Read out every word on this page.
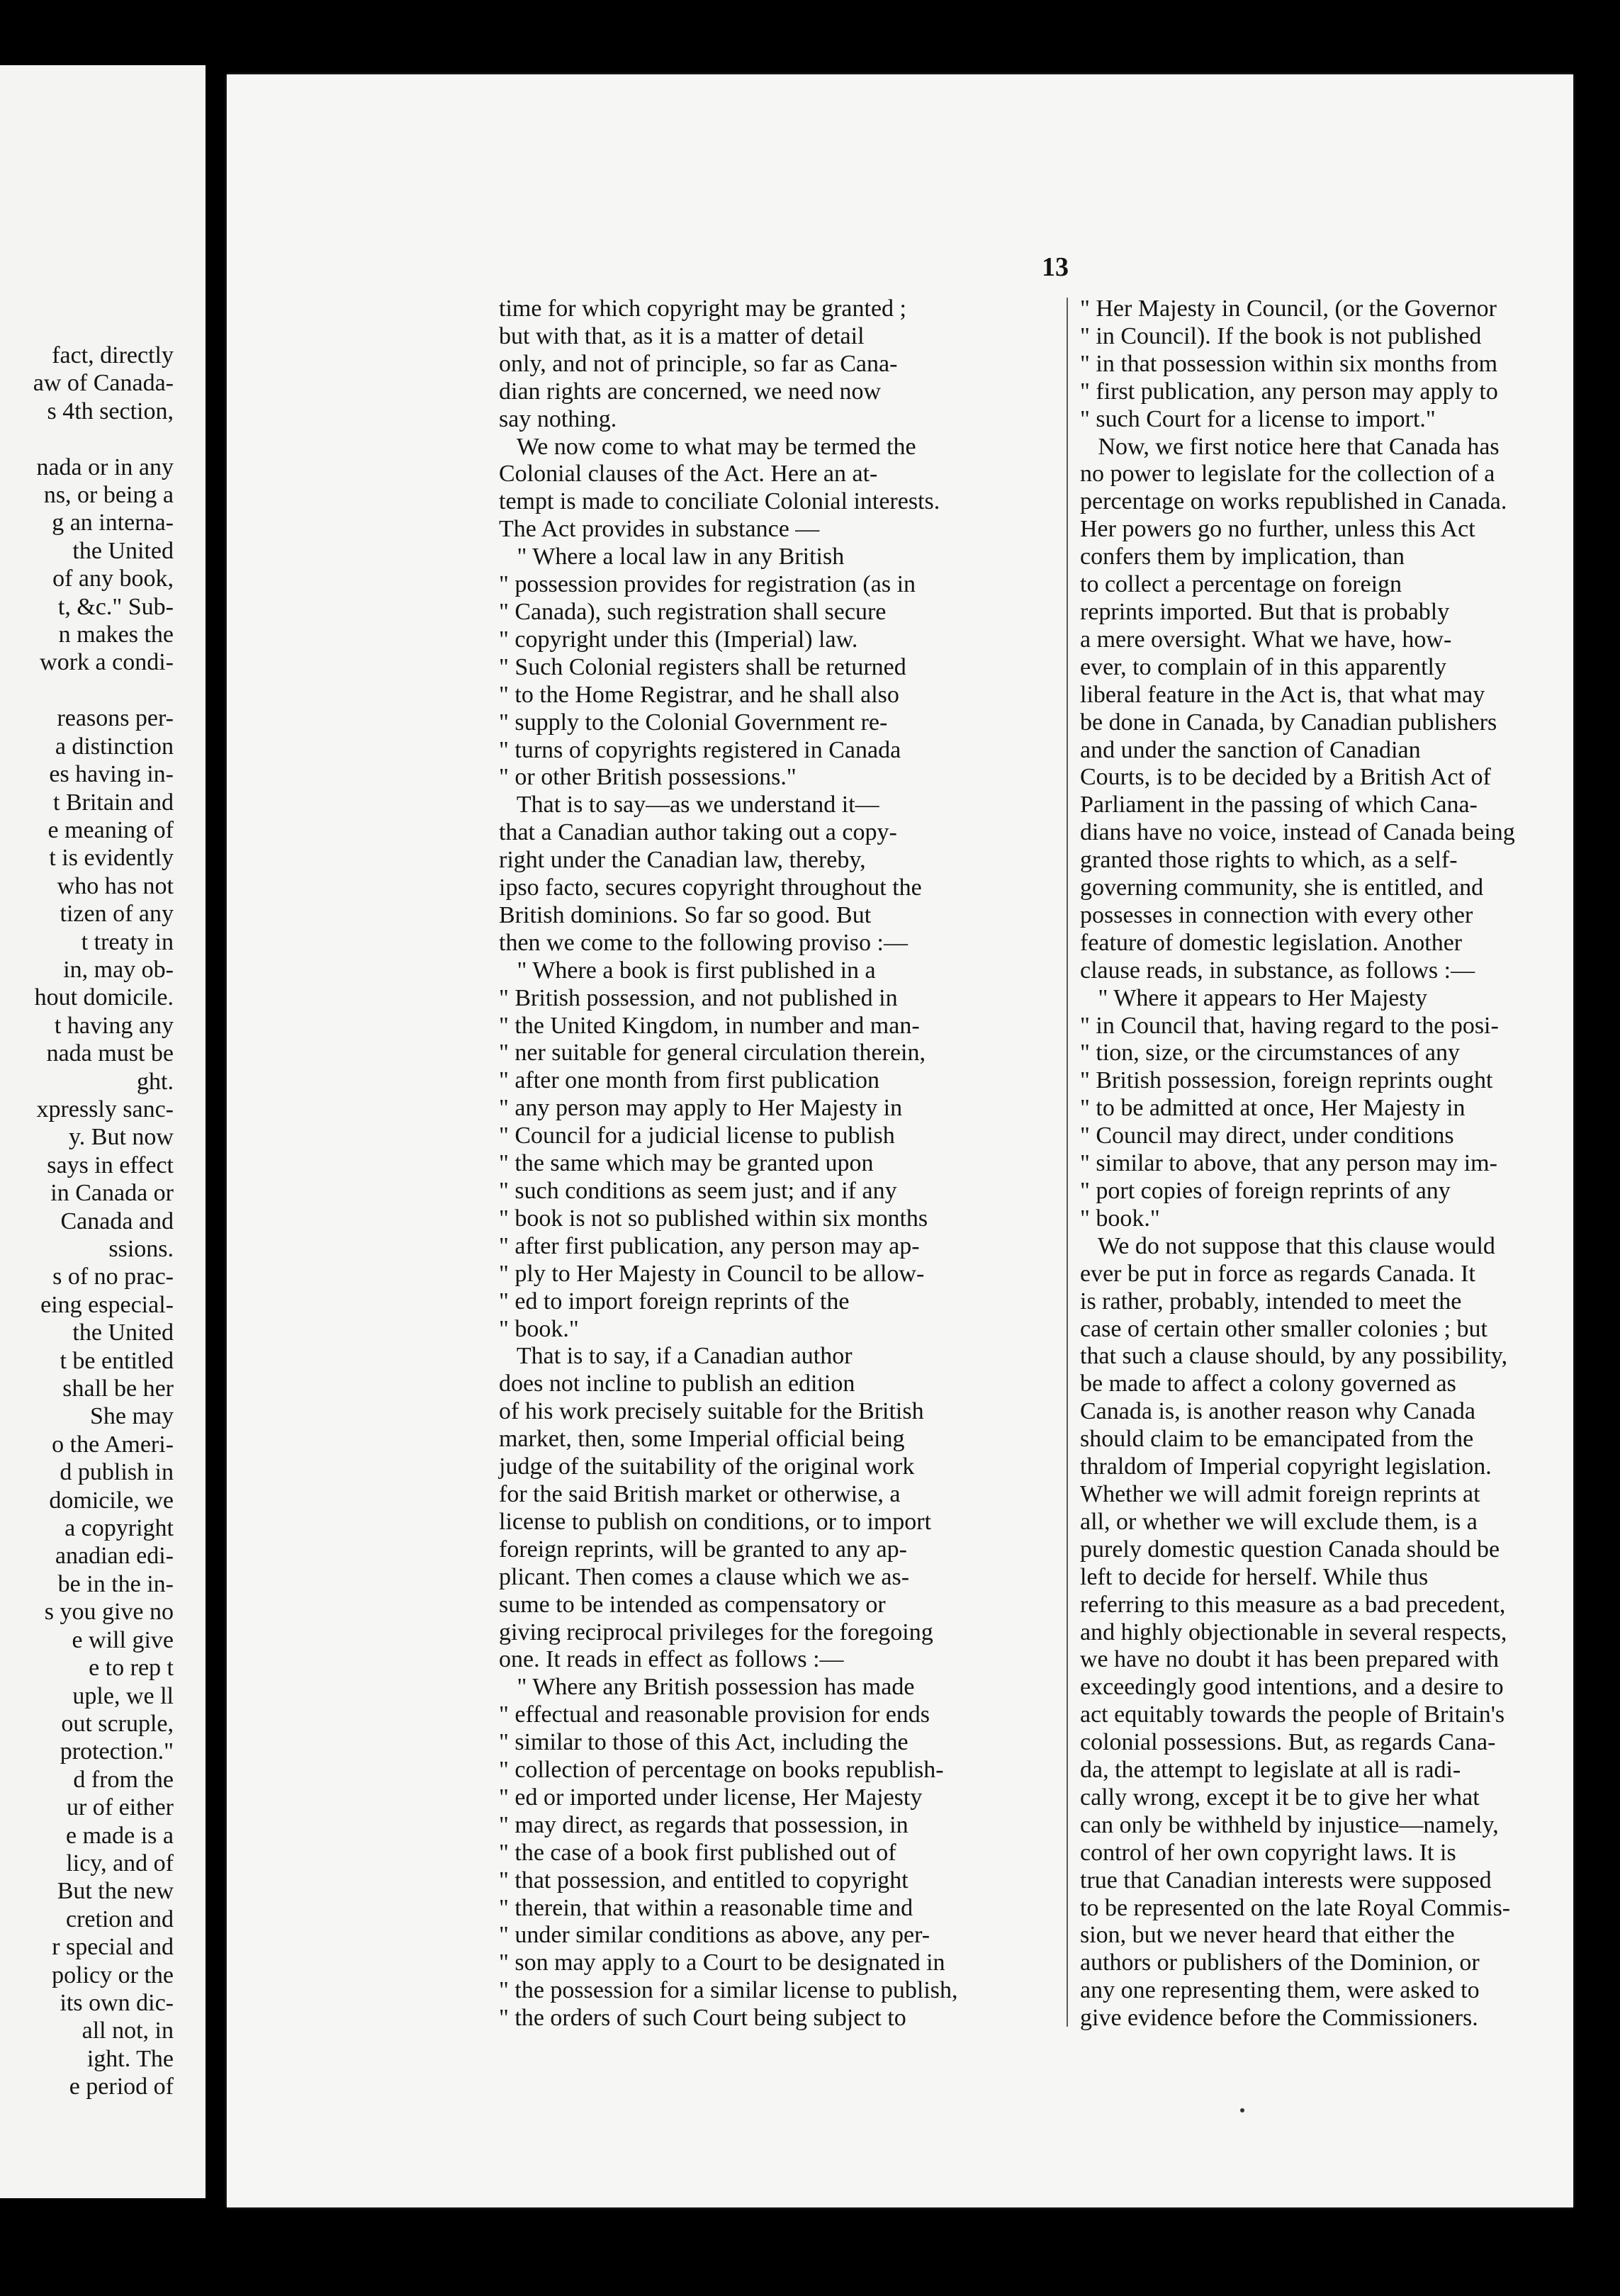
fact, directly
aw of Canada-
s 4th section,

nada or in any
ns, or being a
g an interna-
the United
of any book,
t, &c." Sub-
n makes the
work a condi-

reasons per-
a distinction
es having in-
t Britain and
e meaning of
t is evidently
who has not
tizen of any
t treaty in
in, may ob-
hout domicile.
t having any
nada must be
ght.
xpressly sanc-
y. But now
says in effect
in Canada or
Canada and
ssions.
s of no prac-
eing especial-
the United
t be entitled
shall be her
She may
o the Ameri-
d publish in
domicile, we
a copyright
anadian edi-
be in the in-
s you give no
e will give
e to rep t
uple, we ll
out scruple,
protection."
d from the
ur of either
e made is a
licy, and of
But the new
cretion and
r special and
policy or the
its own dic-
all not, in
ight. The
e period of
13
time for which copyright may be granted ;
but with that, as it is a matter of detail
only, and not of principle, so far as Cana-
dian rights are concerned, we need now
say nothing.
We now come to what may be termed the
Colonial clauses of the Act. Here an at-
tempt is made to conciliate Colonial interests.
The Act provides in substance —
" Where a local law in any British
" possession provides for registration (as in
" Canada), such registration shall secure
" copyright under this (Imperial) law.
" Such Colonial registers shall be returned
" to the Home Registrar, and he shall also
" supply to the Colonial Government re-
" turns of copyrights registered in Canada
" or other British possessions."
That is to say—as we understand it—
that a Canadian author taking out a copy-
right under the Canadian law, thereby,
ipso facto, secures copyright throughout the
British dominions. So far so good. But
then we come to the following proviso :—
" Where a book is first published in a
" British possession, and not published in
" the United Kingdom, in number and man-
" ner suitable for general circulation therein,
" after one month from first publication
" any person may apply to Her Majesty in
" Council for a judicial license to publish
" the same which may be granted upon
" such conditions as seem just; and if any
" book is not so published within six months
" after first publication, any person may ap-
" ply to Her Majesty in Council to be allow-
" ed to import foreign reprints of the
" book."
That is to say, if a Canadian author
does not incline to publish an edition
of his work precisely suitable for the British
market, then, some Imperial official being
judge of the suitability of the original work
for the said British market or otherwise, a
license to publish on conditions, or to import
foreign reprints, will be granted to any ap-
plicant. Then comes a clause which we as-
sume to be intended as compensatory or
giving reciprocal privileges for the foregoing
one. It reads in effect as follows :—
" Where any British possession has made
" effectual and reasonable provision for ends
" similar to those of this Act, including the
" collection of percentage on books republish-
" ed or imported under license, Her Majesty
" may direct, as regards that possession, in
" the case of a book first published out of
" that possession, and entitled to copyright
" therein, that within a reasonable time and
" under similar conditions as above, any per-
" son may apply to a Court to be designated in
" the possession for a similar license to publish,
" the orders of such Court being subject to
" Her Majesty in Council, (or the Governor
" in Council). If the book is not published
" in that possession within six months from
" first publication, any person may apply to
" such Court for a license to import."
Now, we first notice here that Canada has
no power to legislate for the collection of a
percentage on works republished in Canada.
Her powers go no further, unless this Act
confers them by implication, than
to collect a percentage on foreign
reprints imported. But that is probably
a mere oversight. What we have, how-
ever, to complain of in this apparently
liberal feature in the Act is, that what may
be done in Canada, by Canadian publishers
and under the sanction of Canadian
Courts, is to be decided by a British Act of
Parliament in the passing of which Cana-
dians have no voice, instead of Canada being
granted those rights to which, as a self-
governing community, she is entitled, and
possesses in connection with every other
feature of domestic legislation. Another
clause reads, in substance, as follows :—
" Where it appears to Her Majesty
" in Council that, having regard to the posi-
" tion, size, or the circumstances of any
" British possession, foreign reprints ought
" to be admitted at once, Her Majesty in
" Council may direct, under conditions
" similar to above, that any person may im-
" port copies of foreign reprints of any
" book."
We do not suppose that this clause would
ever be put in force as regards Canada. It
is rather, probably, intended to meet the
case of certain other smaller colonies ; but
that such a clause should, by any possibility,
be made to affect a colony governed as
Canada is, is another reason why Canada
should claim to be emancipated from the
thraldom of Imperial copyright legislation.
Whether we will admit foreign reprints at
all, or whether we will exclude them, is a
purely domestic question Canada should be
left to decide for herself. While thus
referring to this measure as a bad precedent,
and highly objectionable in several respects,
we have no doubt it has been prepared with
exceedingly good intentions, and a desire to
act equitably towards the people of Britain's
colonial possessions. But, as regards Cana-
da, the attempt to legislate at all is radi-
cally wrong, except it be to give her what
can only be withheld by injustice—namely,
control of her own copyright laws. It is
true that Canadian interests were supposed
to be represented on the late Royal Commis-
sion, but we never heard that either the
authors or publishers of the Dominion, or
any one representing them, were asked to
give evidence before the Commissioners.
